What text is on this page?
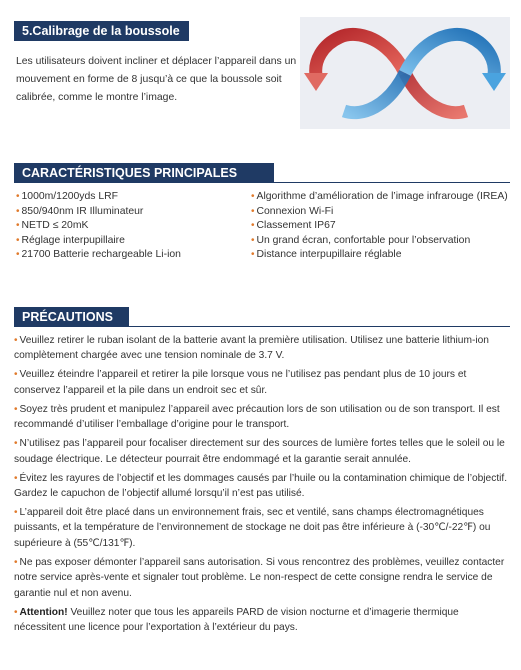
5.Calibrage de la boussole
Les utilisateurs doivent incliner et déplacer l’appareil dans un mouvement en forme de 8 jusqu’à ce que la boussole soit calibrée, comme le montre l’image.
CARACTÉRISTIQUES PRINCIPALES
• 1000m/1200yds LRF
• 850/940nm IR Illuminateur
• NETD ≤ 20mK
• Réglage interpupillaire
• 21700 Batterie rechargeable Li-ion
• Algorithme d’amélioration de l’image infrarouge (IREA)
• Connexion Wi-Fi
• Classement IP67
• Un grand écran, confortable pour l’observation
• Distance interpupillaire réglable
PRÉCAUTIONS
• Veuillez retirer le ruban isolant de la batterie avant la première utilisation. Utilisez une batterie lithium-ion complètement chargée avec une tension nominale de 3.7 V.
• Veuillez éteindre l’appareil et retirer la pile lorsque vous ne l’utilisez pas pendant plus de 10 jours et conservez l’appareil et la pile dans un endroit sec et sûr.
• Soyez très prudent et manipulez l’appareil avec précaution lors de son utilisation ou de son transport. Il est recommandé d’utiliser l’emballage d’origine pour le transport.
• N’utilisez pas l’appareil pour focaliser directement sur des sources de lumière fortes telles que le soleil ou le soudage électrique. Le détecteur pourrait être endommagé et la garantie serait annulée.
• Évitez les rayures de l’objectif et les dommages causés par l’huile ou la contamination chimique de l’objectif. Gardez le capuchon de l’objectif allumé lorsqu’il n’est pas utilisé.
• L’appareil doit être placé dans un environnement frais, sec et ventilé, sans champs électromagnétiques puissants, et la température de l’environnement de stockage ne doit pas être inférieure à (-30℃/-22℉) ou supérieure à (55℃/131℉).
• Ne pas exposer démonter l’appareil sans autorisation. Si vous rencontrez des problèmes, veuillez contacter notre service après-vente et signaler tout problème. Le non-respect de cette consigne rendra le service de garantie nul et non avenu.
• Attention! Veuillez noter que tous les appareils PARD de vision nocturne et d’imagerie thermique nécessitent une licence pour l’exportation à l’extérieur du pays.
